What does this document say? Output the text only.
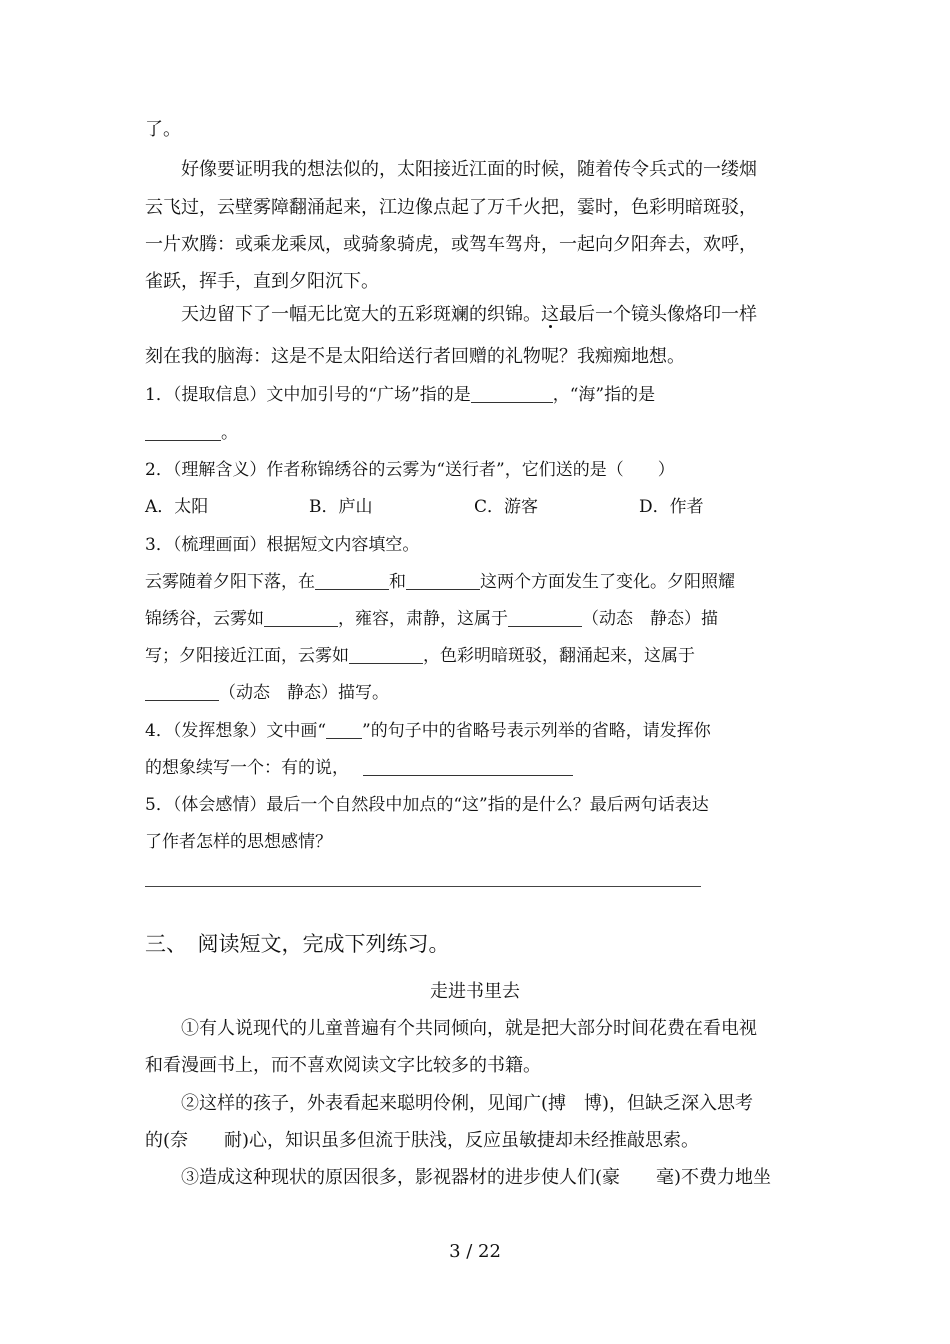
了。
好像要证明我的想法似的，太阳接近江面的时候，随着传令兵式的一缕烟
云飞过，云壁雾障翻涌起来，江边像点起了万千火把，霎时，色彩明暗斑驳，
一片欢腾：或乘龙乘凤，或骑象骑虎，或驾车驾舟，一起向夕阳奔去，欢呼，
雀跃，挥手，直到夕阳沉下。
天边留下了一幅无比宽大的五彩斑斓的织锦。这最后一个镜头像烙印一样
刻在我的脑海：这是不是太阳给送行者回赠的礼物呢？我痴痴地想。
1．（提取信息）文中加引号的“广场”指的是	，“海”指的是
。
2．（理解含义）作者称锦绣谷的云雾为“送行者”，它们送的是（　　）
A．太阳	B．庐山	C．游客	D．作者
3．（梳理画面）根据短文内容填空。
云雾随着夕阳下落，在	和	这两个方面发生了变化。夕阳照耀
锦绣谷，云雾如	，雍容，肃静，这属于	（动态　静态）描
写；夕阳接近江面，云雾如	，色彩明暗斑驳，翻涌起来，这属于
（动态　静态）描写。
4．（发挥想象）文中画“ ”的句子中的省略号表示列举的省略，请发挥你
的想象续写一个：有的说，
5．（体会感情）最后一个自然段中加点的“这”指的是什么？最后两句话表达
了作者怎样的思想感情？
三、　阅读短文，完成下列练习。
走进书里去
①有人说现代的儿童普遍有个共同倾向，就是把大部分时间花费在看电视
和看漫画书上，而不喜欢阅读文字比较多的书籍。
②这样的孩子，外表看起来聪明伶俐，见闻广(搏　博)，但缺乏深入思考
的(奈　　耐)心，知识虽多但流于肤浅，反应虽敏捷却未经推敲思索。
③造成这种现状的原因很多，影视器材的进步使人们(豪　　毫)不费力地坐
3 / 22
